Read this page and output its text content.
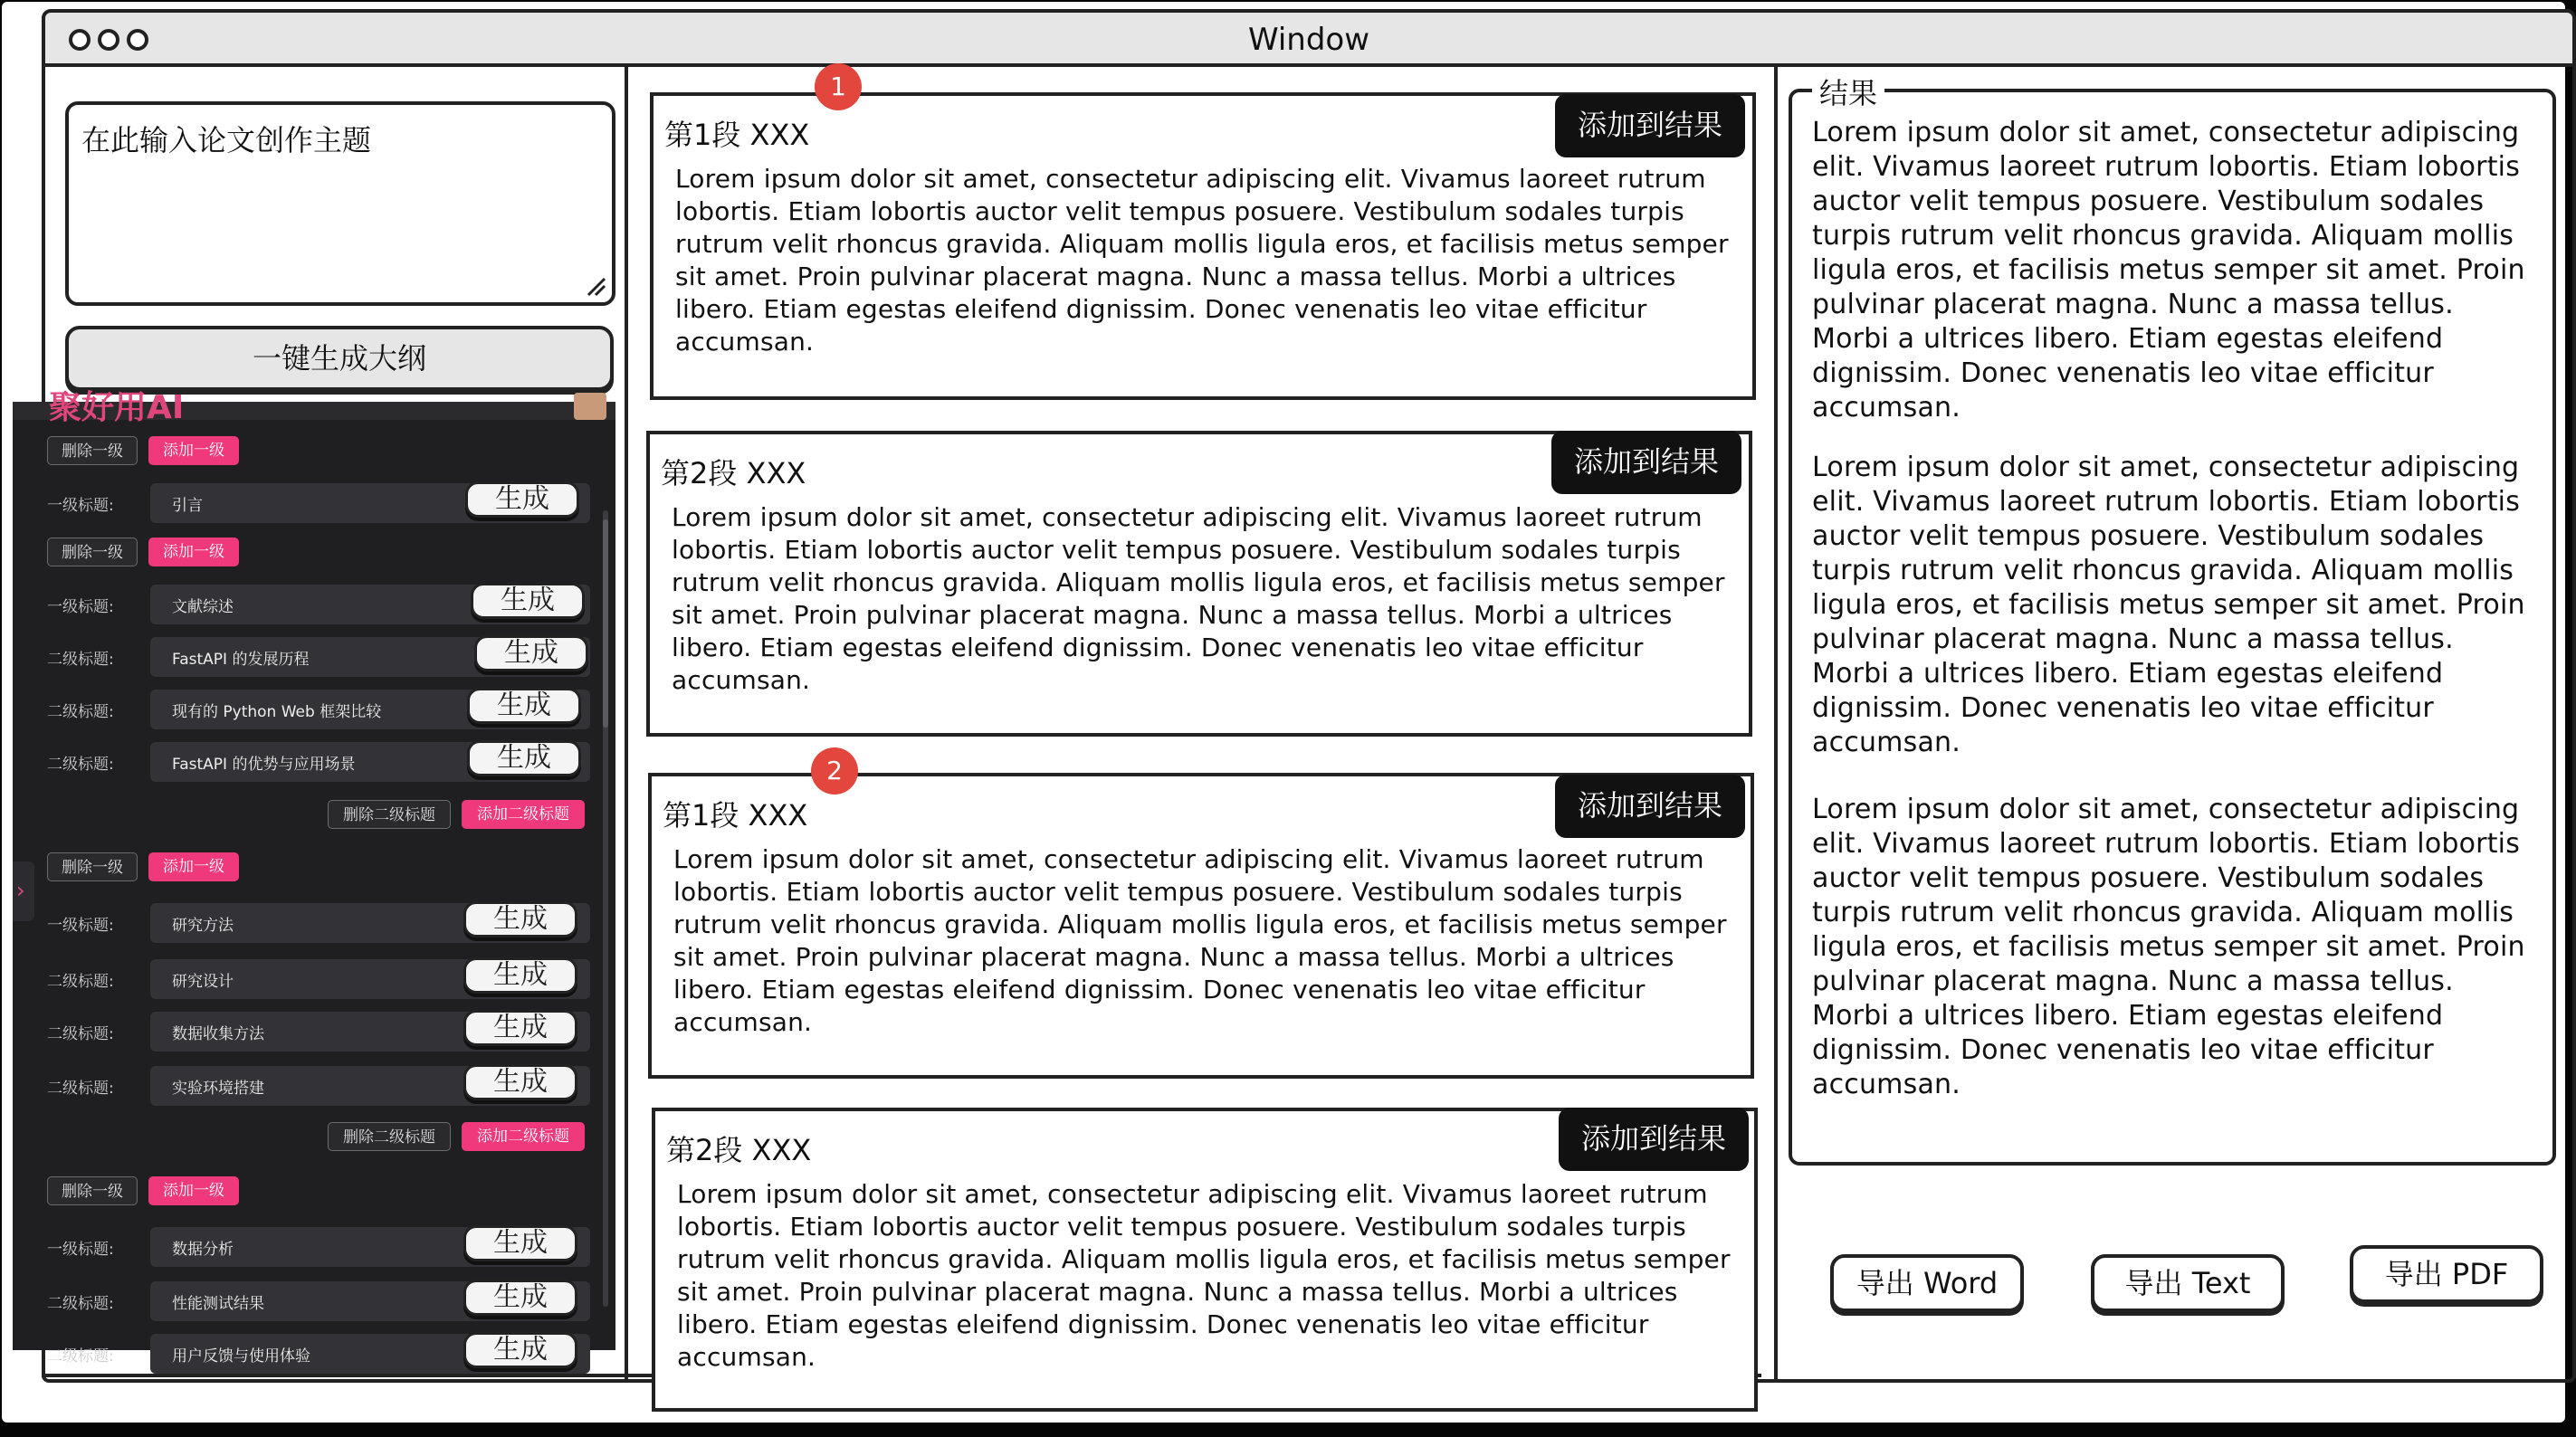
Window
在此输入论文创作主题
一键生成大纲
第1段 XXX
Lorem ipsum dolor sit amet, consectetur adipiscing elit. Vivamus laoreet rutrum lobortis. Etiam lobortis auctor velit tempus posuere. Vestibulum sodales turpis rutrum velit rhoncus gravida. Aliquam mollis ligula eros, et facilisis metus semper sit amet. Proin pulvinar placerat magna. Nunc a massa tellus. Morbi a ultrices libero. Etiam egestas eleifend dignissim. Donec venenatis leo vitae efficitur accumsan.
添加到结果
1
第2段 XXX
Lorem ipsum dolor sit amet, consectetur adipiscing elit. Vivamus laoreet rutrum lobortis. Etiam lobortis auctor velit tempus posuere. Vestibulum sodales turpis rutrum velit rhoncus gravida. Aliquam mollis ligula eros, et facilisis metus semper sit amet. Proin pulvinar placerat magna. Nunc a massa tellus. Morbi a ultrices libero. Etiam egestas eleifend dignissim. Donec venenatis leo vitae efficitur accumsan.
添加到结果
第1段 XXX
Lorem ipsum dolor sit amet, consectetur adipiscing elit. Vivamus laoreet rutrum lobortis. Etiam lobortis auctor velit tempus posuere. Vestibulum sodales turpis rutrum velit rhoncus gravida. Aliquam mollis ligula eros, et facilisis metus semper sit amet. Proin pulvinar placerat magna. Nunc a massa tellus. Morbi a ultrices libero. Etiam egestas eleifend dignissim. Donec venenatis leo vitae efficitur accumsan.
添加到结果
2
第2段 XXX
Lorem ipsum dolor sit amet, consectetur adipiscing elit. Vivamus laoreet rutrum lobortis. Etiam lobortis auctor velit tempus posuere. Vestibulum sodales turpis rutrum velit rhoncus gravida. Aliquam mollis ligula eros, et facilisis metus semper sit amet. Proin pulvinar placerat magna. Nunc a massa tellus. Morbi a ultrices libero. Etiam egestas eleifend dignissim. Donec venenatis leo vitae efficitur accumsan.
添加到结果
结果
Lorem ipsum dolor sit amet, consectetur adipiscing elit. Vivamus laoreet rutrum lobortis. Etiam lobortis auctor velit tempus posuere. Vestibulum sodales turpis rutrum velit rhoncus gravida. Aliquam mollis ligula eros, et facilisis metus semper sit amet. Proin pulvinar placerat magna. Nunc a massa tellus. Morbi a ultrices libero. Etiam egestas eleifend dignissim. Donec venenatis leo vitae efficitur accumsan.
Lorem ipsum dolor sit amet, consectetur adipiscing elit. Vivamus laoreet rutrum lobortis. Etiam lobortis auctor velit tempus posuere. Vestibulum sodales turpis rutrum velit rhoncus gravida. Aliquam mollis ligula eros, et facilisis metus semper sit amet. Proin pulvinar placerat magna. Nunc a massa tellus. Morbi a ultrices libero. Etiam egestas eleifend dignissim. Donec venenatis leo vitae efficitur accumsan.
Lorem ipsum dolor sit amet, consectetur adipiscing elit. Vivamus laoreet rutrum lobortis. Etiam lobortis auctor velit tempus posuere. Vestibulum sodales turpis rutrum velit rhoncus gravida. Aliquam mollis ligula eros, et facilisis metus semper sit amet. Proin pulvinar placerat magna. Nunc a massa tellus. Morbi a ultrices libero. Etiam egestas eleifend dignissim. Donec venenatis leo vitae efficitur accumsan.
导出 Word	导出 Text	导出 PDF
聚好用AI
删除一级	添加一级
一级标题:	引言	生成
删除一级	添加一级
一级标题:	文献综述	生成
二级标题:	FastAPI 的发展历程	生成
二级标题:	现有的 Python Web 框架比较	生成
二级标题:	FastAPI 的优势与应用场景	生成
删除二级标题	添加二级标题
删除一级	添加一级
一级标题:	研究方法	生成
二级标题:	研究设计	生成
二级标题:	数据收集方法	生成
二级标题:	实验环境搭建	生成
删除二级标题	添加二级标题
删除一级	添加一级
一级标题:	数据分析	生成
二级标题:	性能测试结果	生成
二级标题:	用户反馈与使用体验	生成
›
